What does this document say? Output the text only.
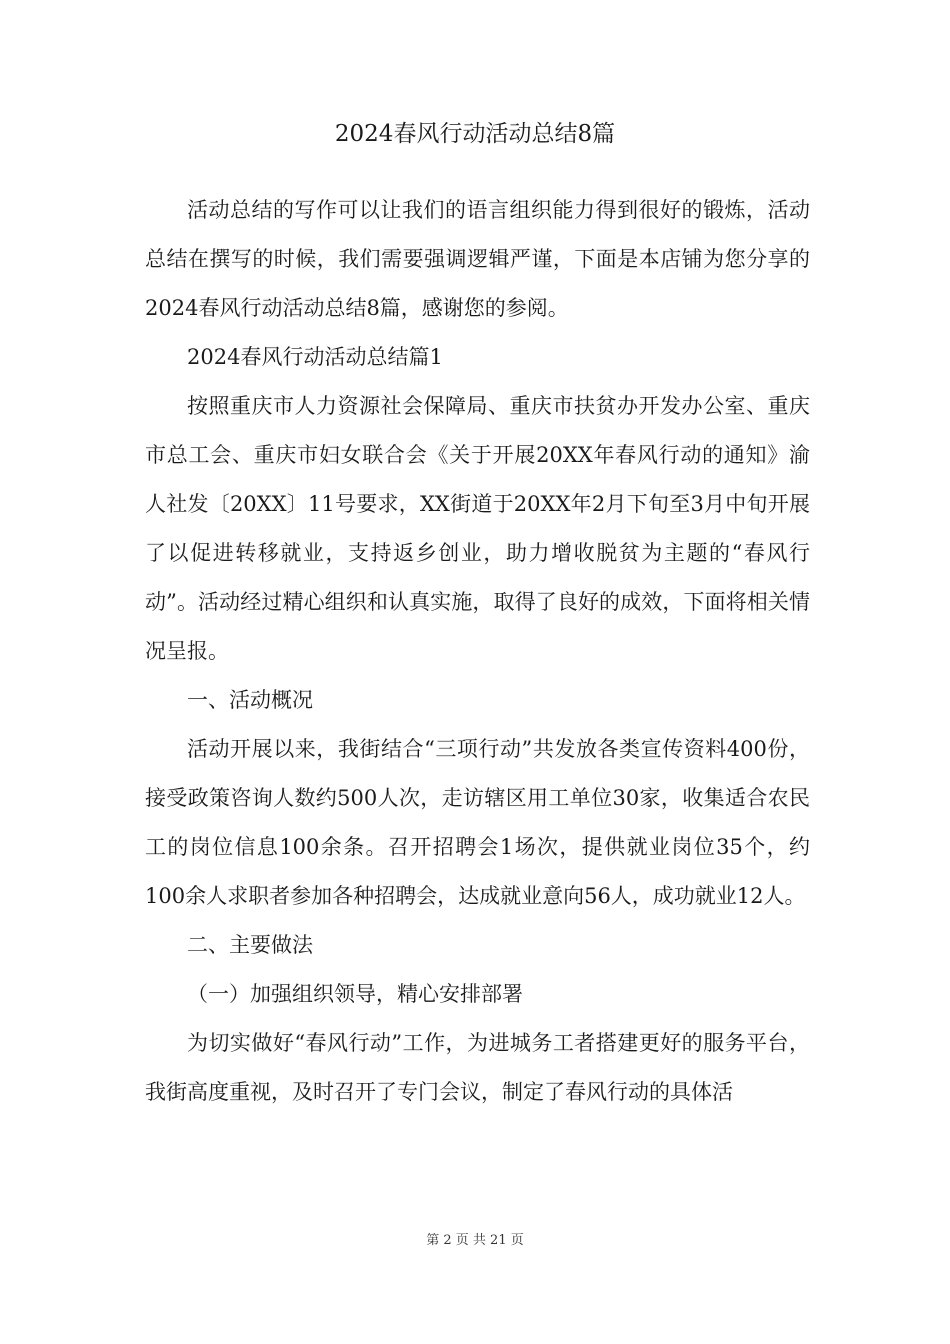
2024春风行动活动总结8篇

活动总结的写作可以让我们的语言组织能力得到很好的锻炼，活动总结在撰写的时候，我们需要强调逻辑严谨，下面是本店铺为您分享的2024春风行动活动总结8篇，感谢您的参阅。

2024春风行动活动总结篇1

按照重庆市人力资源社会保障局、重庆市扶贫办开发办公室、重庆市总工会、重庆市妇女联合会《关于开展20XX年春风行动的通知》渝人社发〔20XX〕11号要求，XX街道于20XX年2月下旬至3月中旬开展了以促进转移就业，支持返乡创业，助力增收脱贫为主题的“春风行动”。活动经过精心组织和认真实施，取得了良好的成效，下面将相关情况呈报。

一、活动概况

活动开展以来，我街结合“三项行动”共发放各类宣传资料400份，接受政策咨询人数约500人次，走访辖区用工单位30家，收集适合农民工的岗位信息100余条。召开招聘会1场次，提供就业岗位35个，约100余人求职者参加各种招聘会，达成就业意向56人，成功就业12人。

二、主要做法

（一）加强组织领导，精心安排部署

为切实做好“春风行动”工作，为进城务工者搭建更好的服务平台，我街高度重视，及时召开了专门会议，制定了春风行动的具体活

第 2 页 共 21 页
